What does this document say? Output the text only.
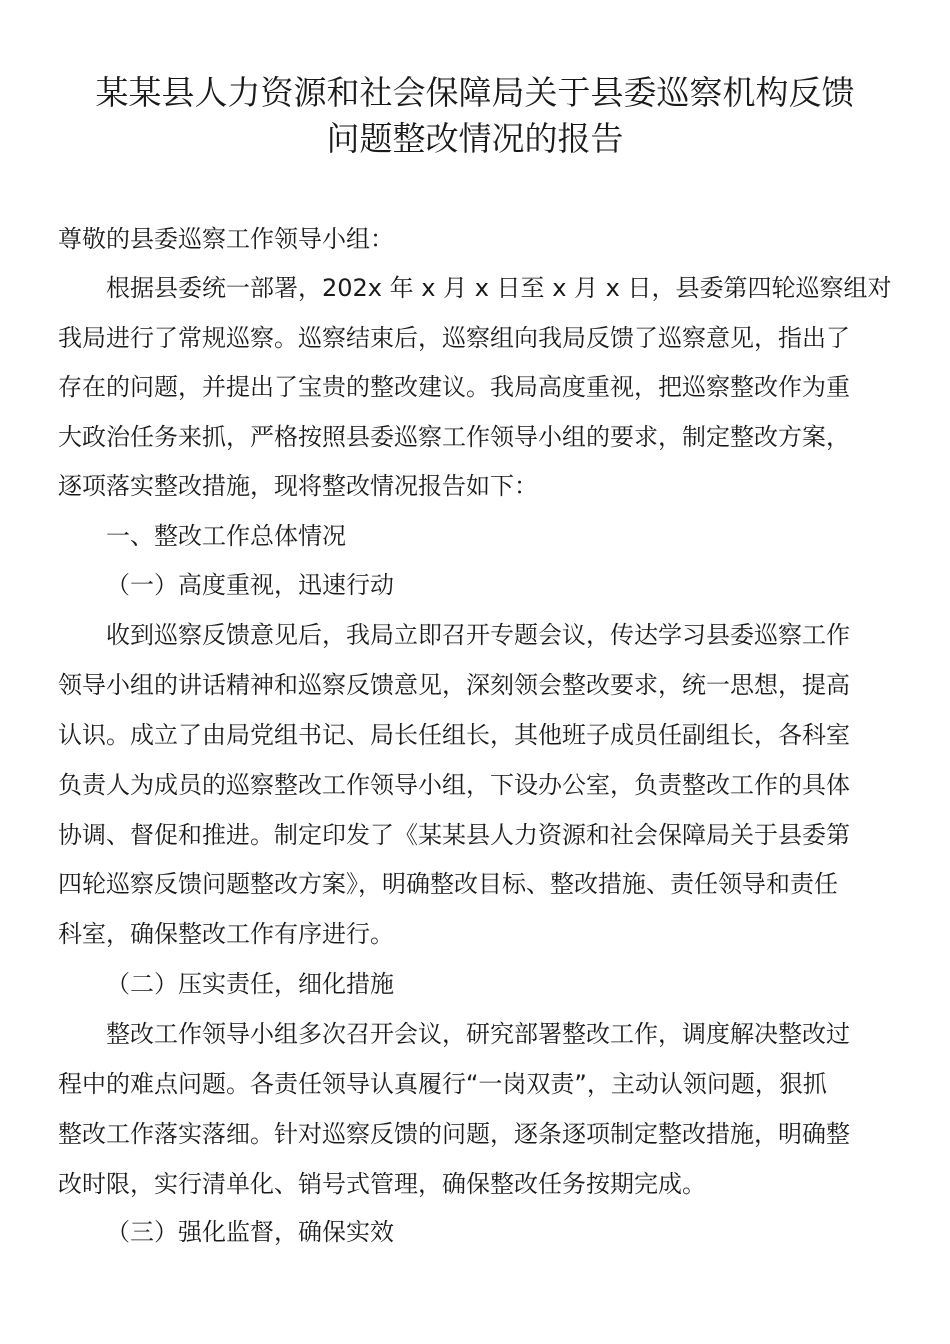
某某县人力资源和社会保障局关于县委巡察机构反馈
问题整改情况的报告
尊敬的县委巡察工作领导小组：
根据县委统一部署，202x 年 x 月 x 日至 x 月 x 日，县委第四轮巡察组对
我局进行了常规巡察。巡察结束后，巡察组向我局反馈了巡察意见，指出了
存在的问题，并提出了宝贵的整改建议。我局高度重视，把巡察整改作为重
大政治任务来抓，严格按照县委巡察工作领导小组的要求，制定整改方案，
逐项落实整改措施，现将整改情况报告如下：
一、整改工作总体情况
（一）高度重视，迅速行动
收到巡察反馈意见后，我局立即召开专题会议，传达学习县委巡察工作
领导小组的讲话精神和巡察反馈意见，深刻领会整改要求，统一思想，提高
认识。成立了由局党组书记、局长任组长，其他班子成员任副组长，各科室
负责人为成员的巡察整改工作领导小组，下设办公室，负责整改工作的具体
协调、督促和推进。制定印发了《某某县人力资源和社会保障局关于县委第
四轮巡察反馈问题整改方案》，明确整改目标、整改措施、责任领导和责任
科室，确保整改工作有序进行。
（二）压实责任，细化措施
整改工作领导小组多次召开会议，研究部署整改工作，调度解决整改过
程中的难点问题。各责任领导认真履行“一岗双责”，主动认领问题，狠抓
整改工作落实落细。针对巡察反馈的问题，逐条逐项制定整改措施，明确整
改时限，实行清单化、销号式管理，确保整改任务按期完成。
（三）强化监督，确保实效
